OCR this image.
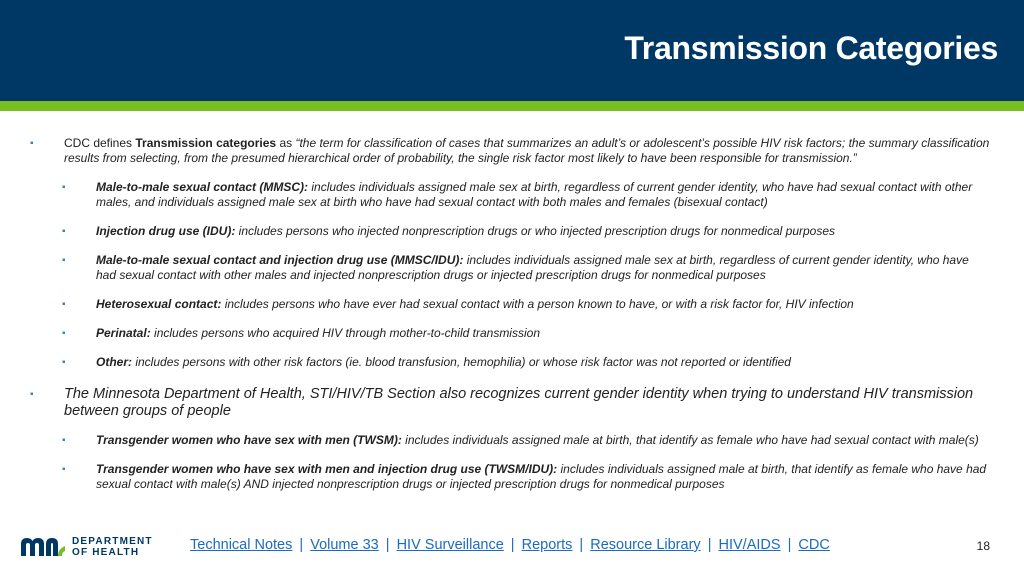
Transmission Categories
▪	CDC defines Transmission categories as “the term for classification of cases that summarizes an adult’s or adolescent’s possible HIV risk factors; the summary classification results from selecting, from the presumed hierarchical order of probability, the single risk factor most likely to have been responsible for transmission.”
▪	Male-to-male sexual contact (MMSC): includes individuals assigned male sex at birth, regardless of current gender identity, who have had sexual contact with other males, and individuals assigned male sex at birth who have had sexual contact with both males and females (bisexual contact)
▪	Injection drug use (IDU): includes persons who injected nonprescription drugs or who injected prescription drugs for nonmedical purposes
▪	Male-to-male sexual contact and injection drug use (MMSC/IDU): includes individuals assigned male sex at birth, regardless of current gender identity, who have had sexual contact with other males and injected nonprescription drugs or injected prescription drugs for nonmedical purposes
▪	Heterosexual contact: includes persons who have ever had sexual contact with a person known to have, or with a risk factor for, HIV infection
▪	Perinatal: includes persons who acquired HIV through mother-to-child transmission
▪	Other: includes persons with other risk factors (ie. blood transfusion, hemophilia) or whose risk factor was not reported or identified
▪ The Minnesota Department of Health, STI/HIV/TB Section also recognizes current gender identity when trying to understand HIV transmission between groups of people
▪	Transgender women who have sex with men (TWSM): includes individuals assigned male at birth, that identify as female who have had sexual contact with male(s)
▪	Transgender women who have sex with men and injection drug use (TWSM/IDU): includes individuals assigned male at birth, that identify as female who have had sexual contact with male(s) AND injected nonprescription drugs or injected prescription drugs for nonmedical purposes
DEPARTMENT
OF HEALTH	Technical Notes | Volume 33 | HIV Surveillance | Reports | Resource Library | HIV/AIDS | CDC	18
